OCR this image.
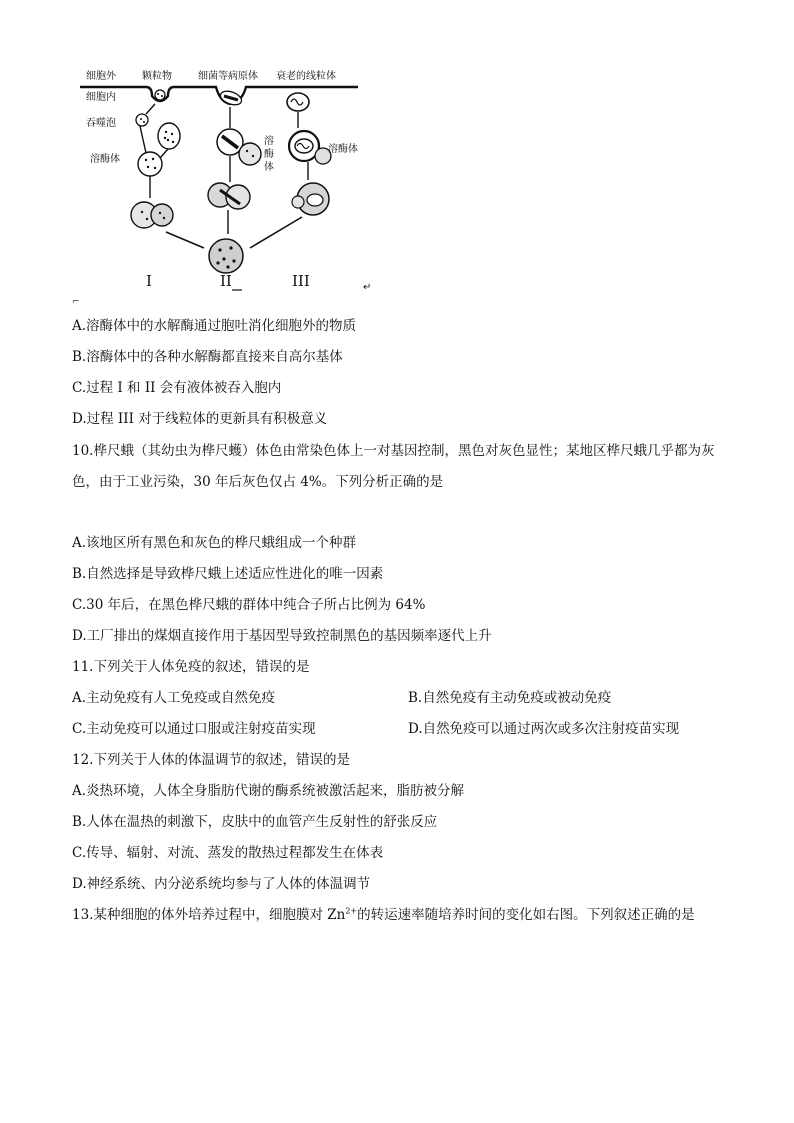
细胞外	颗粒物	细菌等病原体 衰老的线粒体
细胞内
吞噬泡
溶酶体
溶
酶
体
溶酶体
I	II	III	↵
⌐
A.溶酶体中的水解酶通过胞吐消化细胞外的物质
B.溶酶体中的各种水解酶都直接来自高尔基体
C.过程 I 和 II 会有液体被吞入胞内
D.过程 III 对于线粒体的更新具有积极意义
10.桦尺蛾（其幼虫为桦尺蠖）体色由常染色体上一对基因控制，黑色对灰色显性；某地区桦尺蛾几乎都为灰色，由于工业污染，30 年后灰色仅占 4%。下列分析正确的是
A.该地区所有黑色和灰色的桦尺蛾组成一个种群
B.自然选择是导致桦尺蛾上述适应性进化的唯一因素
C.30 年后，在黑色桦尺蛾的群体中纯合子所占比例为 64%
D.工厂排出的煤烟直接作用于基因型导致控制黑色的基因频率逐代上升
11.下列关于人体免疫的叙述，错误的是
A.主动免疫有人工免疫或自然免疫	B.自然免疫有主动免疫或被动免疫
C.主动免疫可以通过口服或注射疫苗实现	D.自然免疫可以通过两次或多次注射疫苗实现
12.下列关于人体的体温调节的叙述，错误的是
A.炎热环境，人体全身脂肪代谢的酶系统被激活起来，脂肪被分解
B.人体在温热的刺激下，皮肤中的血管产生反射性的舒张反应
C.传导、辐射、对流、蒸发的散热过程都发生在体表
D.神经系统、内分泌系统均参与了人体的体温调节
13.某种细胞的体外培养过程中，细胞膜对 $Zn^{2+}$的转运速率随培养时间的变化如右图。下列叙述正确的是
